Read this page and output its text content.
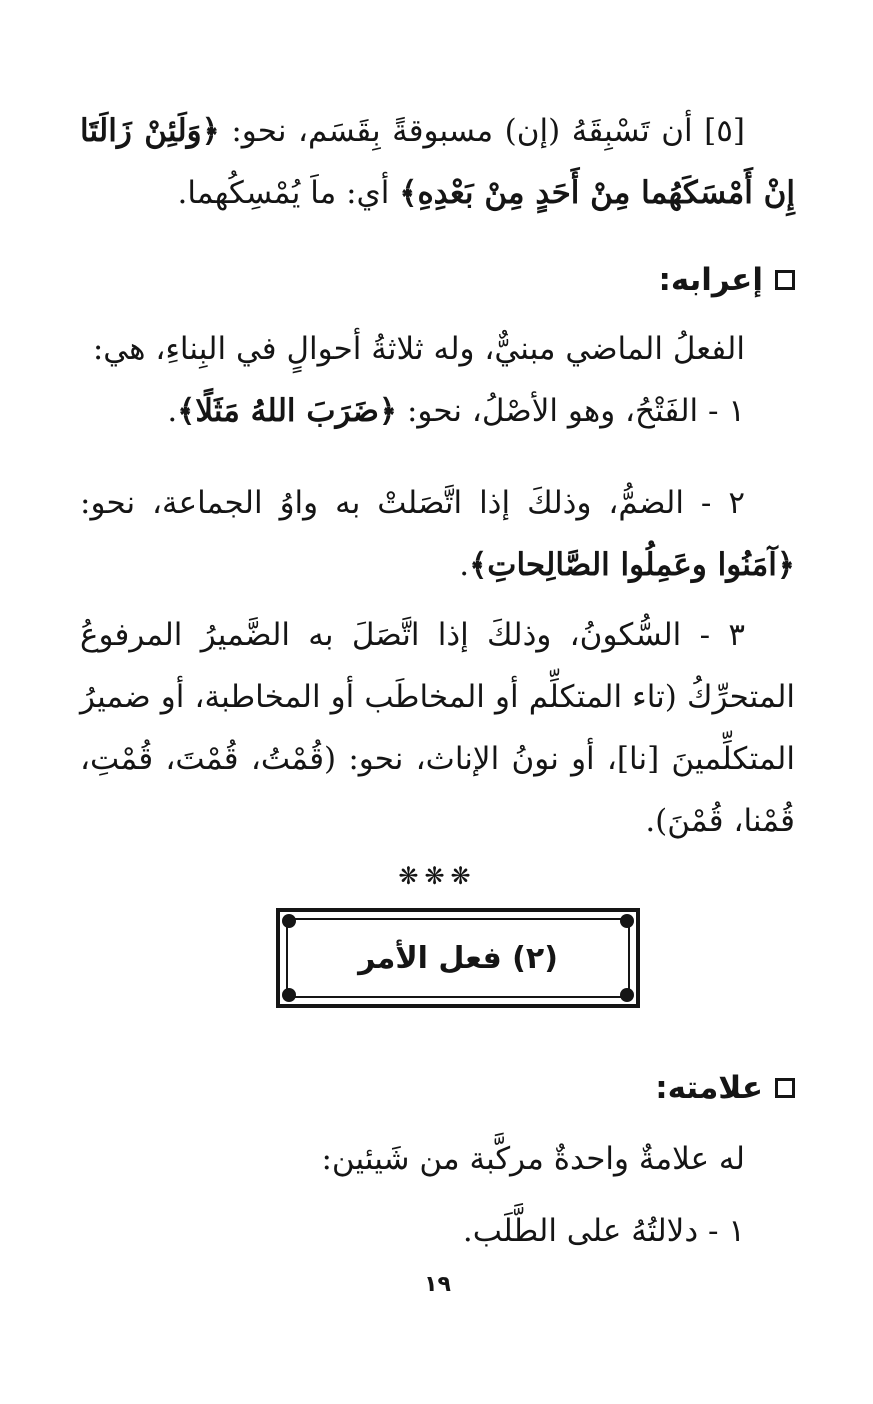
[٥] أن تَسْبِقَهُ (إن) مسبوقةً بِقَسَم، نحو: ﴿وَلَئِنْ زَالَتَا إِنْ أَمْسَكَهُما مِنْ أَحَدٍ مِنْ بَعْدِهِ﴾ أي: ماَ يُمْسِكُهما.

إعرابه:

الفعلُ الماضي مبنيٌّ، وله ثلاثةُ أحوالٍ في البِناءِ، هي:

١ - الفَتْحُ، وهو الأصْلُ، نحو: ﴿ضَرَبَ اللهُ مَثَلًا﴾.

٢ - الضمُّ، وذلكَ إذا اتَّصَلتْ به واوُ الجماعة، نحو: ﴿آمَنُوا وعَمِلُوا الصَّالِحاتِ﴾.

٣ - السُّكونُ، وذلكَ إذا اتَّصَلَ به الضَّميرُ المرفوعُ المتحرِّكُ (تاء المتكلِّم أو المخاطَب أو المخاطبة، أو ضميرُ المتكلِّمينَ [نا]، أو نونُ الإناث، نحو: (قُمْتُ، قُمْتَ، قُمْتِ، قُمْنا، قُمْنَ).

❋❋❋
(٢) فعل الأمر
علامته:

له علامةٌ واحدةٌ مركَّبة من شَيئين:

١ - دلالتُهُ على الطَّلَب.

١٩
